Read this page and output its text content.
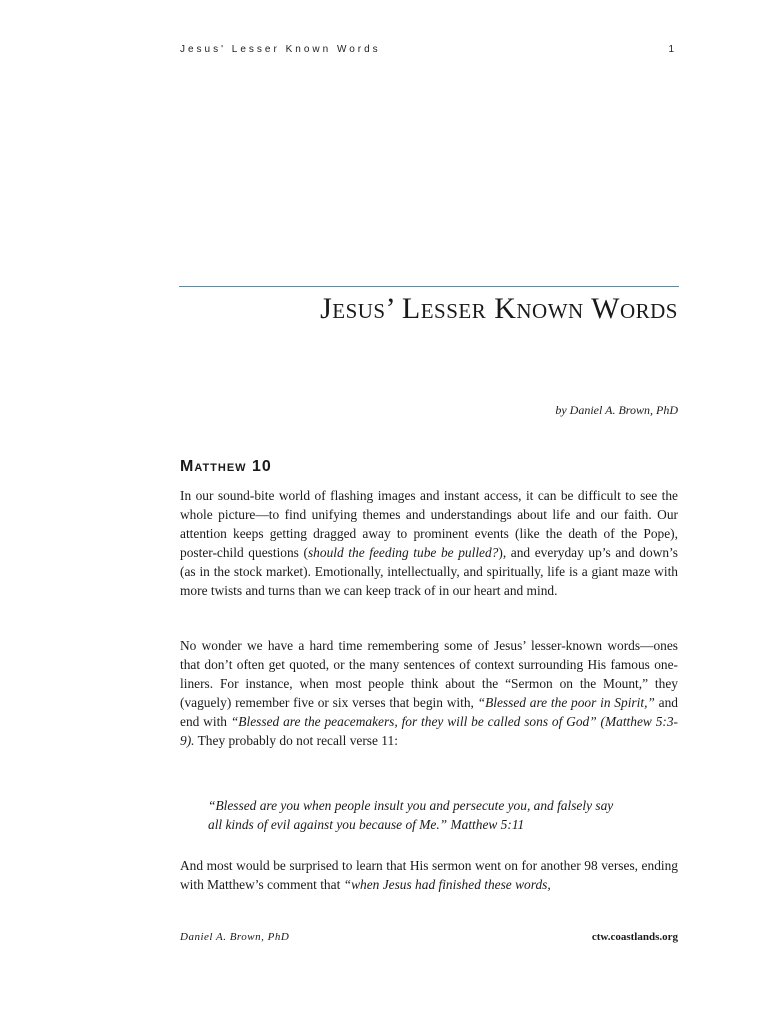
Jesus' Lesser Known Words	1
Jesus’ Lesser Known Words
by Daniel A. Brown, PhD
Matthew 10
In our sound-bite world of flashing images and instant access, it can be difficult to see the whole picture—to find unifying themes and understandings about life and our faith. Our attention keeps getting dragged away to prominent events (like the death of the Pope), poster-child questions (should the feeding tube be pulled?), and everyday up’s and down’s (as in the stock market). Emotionally, intellectually, and spiritually, life is a giant maze with more twists and turns than we can keep track of in our heart and mind.
No wonder we have a hard time remembering some of Jesus’ lesser-known words—ones that don’t often get quoted, or the many sentences of context surrounding His famous one-liners. For instance, when most people think about the “Sermon on the Mount,” they (vaguely) remember five or six verses that begin with, “Blessed are the poor in Spirit,” and end with “Blessed are the peacemakers, for they will be called sons of God” (Matthew 5:3-9). They probably do not recall verse 11:
“Blessed are you when people insult you and persecute you, and falsely say
all kinds of evil against you because of Me.” Matthew 5:11
And most would be surprised to learn that His sermon went on for another 98 verses, ending with Matthew’s comment that “when Jesus had finished these words,
Daniel A. Brown, PhD	ctw.coastlands.org
